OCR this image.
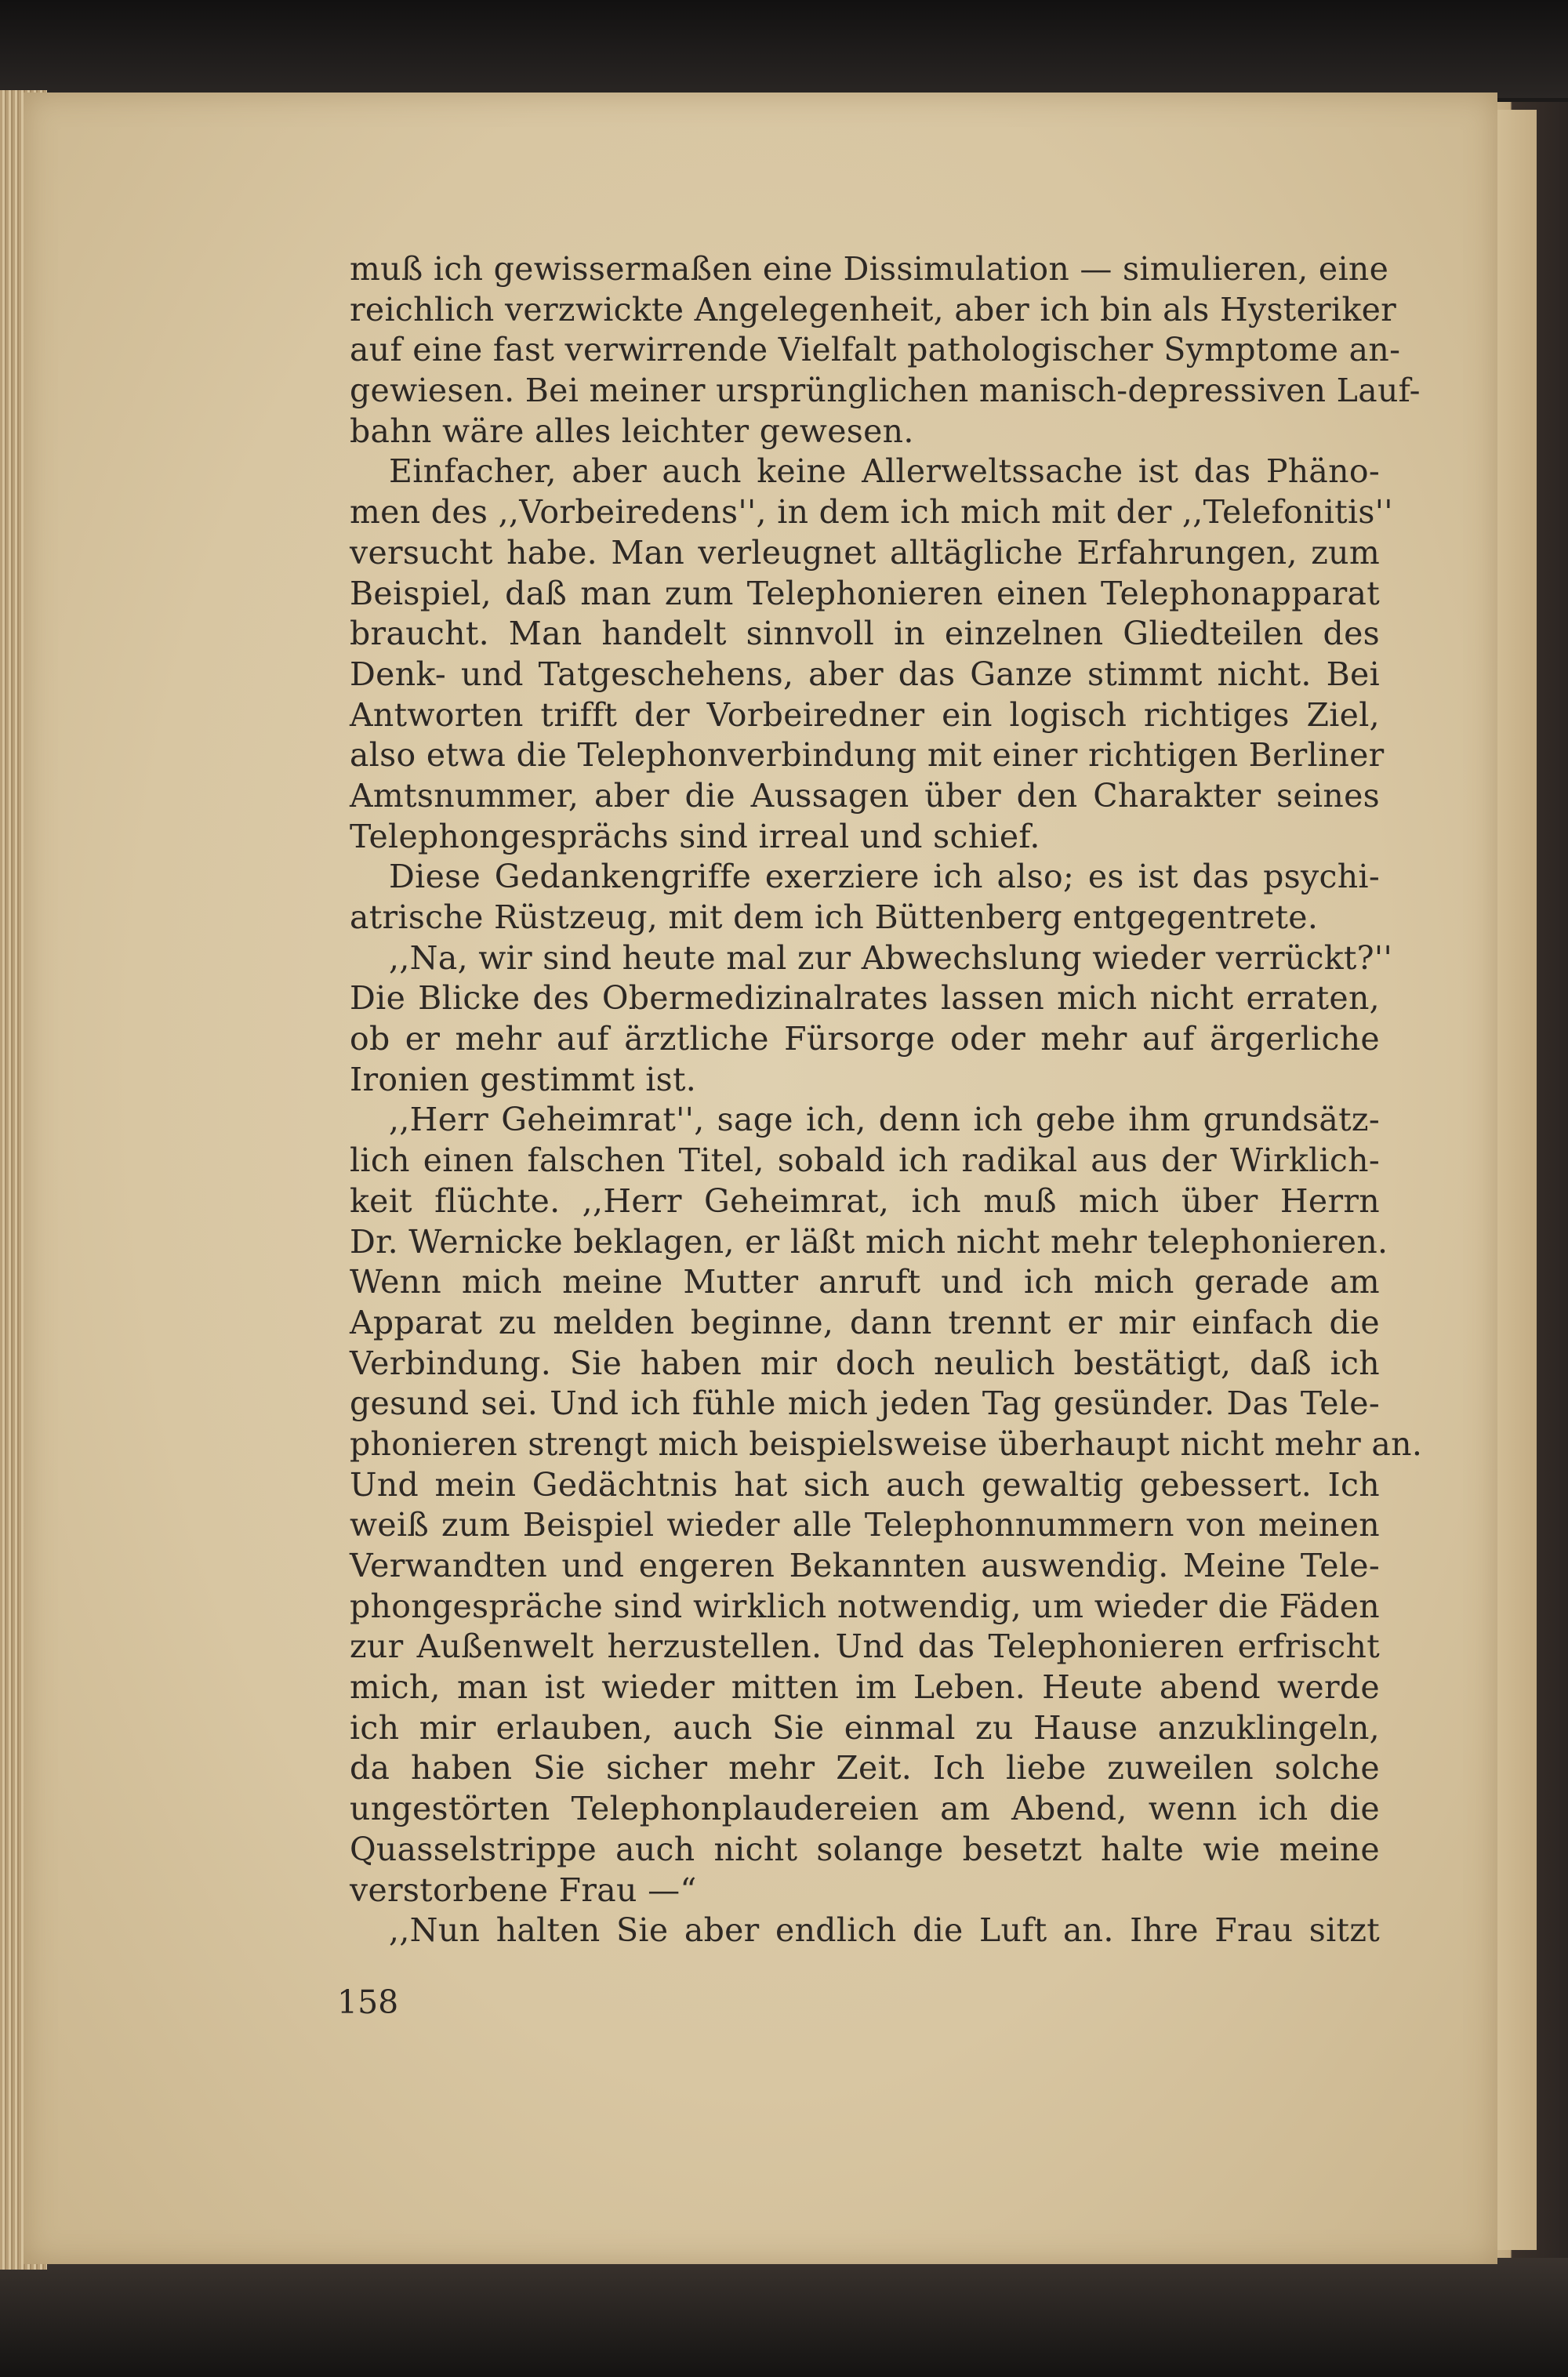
muß ich gewissermaßen eine Dissimulation — simulieren, eine
reichlich verzwickte Angelegenheit, aber ich bin als Hysteriker
auf eine fast verwirrende Vielfalt pathologischer Symptome an-
gewiesen. Bei meiner ursprünglichen manisch-depressiven Lauf-
bahn wäre alles leichter gewesen.
Einfacher, aber auch keine Allerweltssache ist das Phäno-
men des ,,Vorbeiredens'', in dem ich mich mit der ,,Telefonitis''
versucht habe. Man verleugnet alltägliche Erfahrungen, zum
Beispiel, daß man zum Telephonieren einen Telephonapparat
braucht. Man handelt sinnvoll in einzelnen Gliedteilen des
Denk- und Tatgeschehens, aber das Ganze stimmt nicht. Bei
Antworten trifft der Vorbeiredner ein logisch richtiges Ziel,
also etwa die Telephonverbindung mit einer richtigen Berliner
Amtsnummer, aber die Aussagen über den Charakter seines
Telephongesprächs sind irreal und schief.
Diese Gedankengriffe exerziere ich also; es ist das psychi-
atrische Rüstzeug, mit dem ich Büttenberg entgegentrete.
,,Na, wir sind heute mal zur Abwechslung wieder verrückt?''
Die Blicke des Obermedizinalrates lassen mich nicht erraten,
ob er mehr auf ärztliche Fürsorge oder mehr auf ärgerliche
Ironien gestimmt ist.
,,Herr Geheimrat'', sage ich, denn ich gebe ihm grundsätz-
lich einen falschen Titel, sobald ich radikal aus der Wirklich-
keit flüchte. ,,Herr Geheimrat, ich muß mich über Herrn
Dr. Wernicke beklagen, er läßt mich nicht mehr telephonieren.
Wenn mich meine Mutter anruft und ich mich gerade am
Apparat zu melden beginne, dann trennt er mir einfach die
Verbindung. Sie haben mir doch neulich bestätigt, daß ich
gesund sei. Und ich fühle mich jeden Tag gesünder. Das Tele-
phonieren strengt mich beispielsweise überhaupt nicht mehr an.
Und mein Gedächtnis hat sich auch gewaltig gebessert. Ich
weiß zum Beispiel wieder alle Telephonnummern von meinen
Verwandten und engeren Bekannten auswendig. Meine Tele-
phongespräche sind wirklich notwendig, um wieder die Fäden
zur Außenwelt herzustellen. Und das Telephonieren erfrischt
mich, man ist wieder mitten im Leben. Heute abend werde
ich mir erlauben, auch Sie einmal zu Hause anzuklingeln,
da haben Sie sicher mehr Zeit. Ich liebe zuweilen solche
ungestörten Telephonplaudereien am Abend, wenn ich die
Quasselstrippe auch nicht solange besetzt halte wie meine
verstorbene Frau —“
,,Nun halten Sie aber endlich die Luft an. Ihre Frau sitzt
158
